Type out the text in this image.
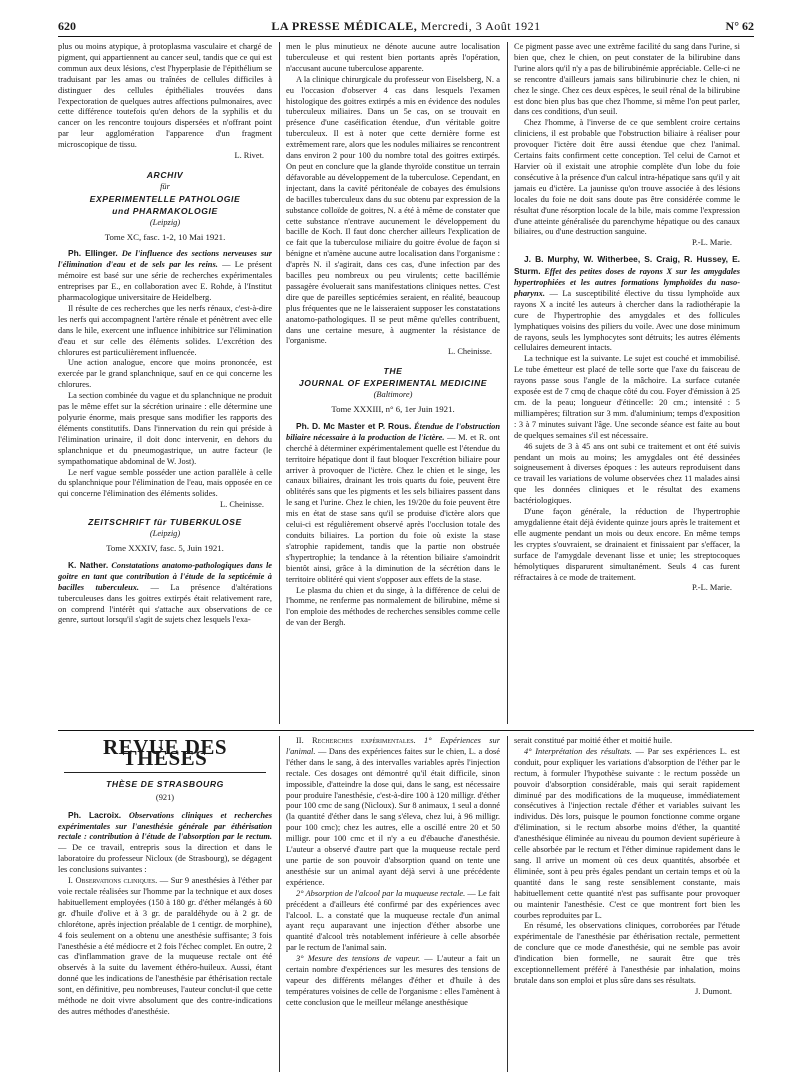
620	LA PRESSE MÉDICALE, Mercredi, 3 Août 1921	N° 62

plus ou moins atypique, à protoplasma vasculaire et chargé de pigment, qui appartiennent au cancer seul, tandis que ce qui est commun aux deux lésions, c'est l'hyperplasie de l'épithélium se traduisant par les amas ou traînées de cellules difficiles à distinguer des cellules épithéliales trouvées dans l'expectoration de quelques autres affections pulmonaires, avec cette différence toutefois qu'en dehors de la syphilis et du cancer on les rencontre toujours dispersées et n'offrant point par leur agglomération l'apparence d'un fragment microscopique de tissu.

L. Rivet.
ARCHIV
für
EXPERIMENTELLE PATHOLOGIE
und PHARMAKOLOGIE
(Leipzig)
Tome XC, fasc. 1-2, 10 Mai 1921.

Ph. Ellinger. De l'influence des sections nerveuses sur l'élimination d'eau et de sels par les reins. — Le présent mémoire est basé sur une série de recherches expérimentales entreprises par E., en collaboration avec E. Rohde, à l'Institut pharmacologique universitaire de Heidelberg.

Il résulte de ces recherches que les nerfs rénaux, c'est-à-dire les nerfs qui accompagnent l'artère rénale et pénètrent avec elle dans le hile, exercent une influence inhibitrice sur l'élimination d'eau et sur celle des éléments solides. L'excrétion des chlorures est particulièrement influencée.

Une action analogue, encore que moins prononcée, est exercée par le grand splanchnique, sauf en ce qui concerne les chlorures.

La section combinée du vague et du splanchnique ne produit pas le même effet sur la sécrétion urinaire : elle détermine une polyurie énorme, mais presque sans modifier les rapports des éléments constitutifs. Dans l'innervation du rein qui préside à l'élimination urinaire, il doit donc intervenir, en dehors du splanchnique et du pneumogastrique, un autre facteur (le sympathomatique abdominal de W. Jost).

Le nerf vague semble posséder une action parallèle à celle du splanchnique pour l'élimination de l'eau, mais opposée en ce qui concerne l'élimination des éléments solides.

L. Cheinisse.
ZEITSCHRIFT für TUBERKULOSE
(Leipzig)
Tome XXXIV, fasc. 5, Juin 1921.

K. Nather. Constatations anatomo-pathologiques dans le goitre en tant que contribution à l'étude de la septicémie à bacilles tuberculeux. — La présence d'altérations tuberculeuses dans les goitres extirpés était relativement rare, on comprend l'intérêt qui s'attache aux observations de ce genre, surtout lorsqu'il s'agit de sujets chez lesquels l'exa-

men le plus minutieux ne dénote aucune autre localisation tuberculeuse et qui restent bien portants après l'opération, n'accusant aucune tuberculose apparente.

A la clinique chirurgicale du professeur von Eiselsberg, N. a eu l'occasion d'observer 4 cas dans lesquels l'examen histologique des goitres extirpés a mis en évidence des nodules tuberculeux miliaires. Dans un 5e cas, on se trouvait en présence d'une caséification étendue, d'un véritable goitre tuberculeux. Il est à noter que cette dernière forme est extrêmement rare, alors que les nodules miliaires se rencontrent dans environ 2 pour 100 du nombre total des goitres extirpés. On peut en conclure que la glande thyroïde constitue un terrain défavorable au développement de la tuberculose. Cependant, en injectant, dans la cavité péritonéale de cobayes des émulsions de bacilles tuberculeux dans du suc obtenu par expression de la substance colloïde de goitres, N. a été à même de constater que cette substance n'entrave aucunement le développement du bacille de Koch. Il faut donc chercher ailleurs l'explication de ce fait que la tuberculose miliaire du goitre évolue de façon si bénigne et n'amène aucune autre localisation dans l'organisme : d'après N. il s'agirait, dans ces cas, d'une infection par des bacilles peu nombreux ou peu virulents; cette bacillémie passagère évoluerait sans manifestations cliniques nettes. C'est dire que de pareilles septicémies seraient, en réalité, beaucoup plus fréquentes que ne le laisseraient supposer les constatations anatomo-pathologiques. Il se peut même qu'elles contribuent, dans une certaine mesure, à augmenter la résistance de l'organisme.

L. Cheinisse.
THE
JOURNAL OF EXPERIMENTAL MEDICINE
(Baltimore)
Tome XXXIII, n° 6, 1er Juin 1921.

Ph. D. Mc Master et P. Rous. Étendue de l'obstruction biliaire nécessaire à la production de l'ictère. — M. et R. ont cherché à déterminer expérimentalement quelle est l'étendue du territoire hépatique dont il faut bloquer l'excrétion biliaire pour arriver à provoquer de l'ictère. Chez le chien et le singe, les canaux biliaires, drainant les trois quarts du foie, peuvent être oblitérés sans que les pigments et les sels biliaires passent dans le sang et l'urine. Chez le chien, les 19/20e du foie peuvent être mis en état de stase sans qu'il se produise d'ictère alors que celui-ci est régulièrement observé après l'occlusion totale des conduits biliaires. La portion du foie où existe la stase s'atrophie rapidement, tandis que la partie non obstruée s'hypertrophie; la tendance à la rétention biliaire s'amoindrit bientôt ainsi, grâce à la diminution de la sécrétion dans le territoire oblitéré qui vient s'opposer aux effets de la stase.

Le plasma du chien et du singe, à la différence de celui de l'homme, ne renferme pas normalement de bilirubine, même si l'on emploie des méthodes de recherches sensibles comme celle de van der Bergh.

Ce pigment passe avec une extrême facilité du sang dans l'urine, si bien que, chez le chien, on peut constater de la bilirubine dans l'urine alors qu'il n'y a pas de bilirubinémie appréciable. Celle-ci ne se rencontre d'ailleurs jamais sans bilirubinurie chez le chien, ni chez le singe. Chez ces deux espèces, le seuil rénal de la bilirubine est donc bien plus bas que chez l'homme, si même l'on peut parler, dans ces conditions, d'un seuil.

Chez l'homme, à l'inverse de ce que semblent croire certains cliniciens, il est probable que l'obstruction biliaire à réaliser pour provoquer l'ictère doit être aussi étendue que chez l'animal. Certains faits confirment cette conception. Tel celui de Carnot et Harvier où il existait une atrophie complète d'un lobe du foie consécutive à la présence d'un calcul intra-hépatique sans qu'il y ait jamais eu d'ictère. La jaunisse qu'on trouve associée à des lésions locales du foie ne doit sans doute pas être considérée comme le résultat d'une résorption locale de la bile, mais comme l'expression d'une atteinte généralisée du parenchyme hépatique ou des canaux biliaires, ou d'une destruction sanguine.

P.-L. Marie.

J. B. Murphy, W. Witherbee, S. Craig, R. Hussey, E. Sturm. Effet des petites doses de rayons X sur les amygdales hypertrophiées et les autres formations lymphoïdes du naso-pharynx. — La susceptibilité élective du tissu lymphoïde aux rayons X a incité les auteurs à chercher dans la radiothérapie la cure de l'hypertrophie des amygdales et des follicules lymphatiques voisins des piliers du voile. Avec une dose minimum de rayons, seuls les lymphocytes sont détruits; les autres éléments cellulaires demeurent intacts.

La technique est la suivante. Le sujet est couché et immobilisé. Le tube émetteur est placé de telle sorte que l'axe du faisceau de rayons passe sous l'angle de la mâchoire. La surface cutanée exposée est de 7 cmq de chaque côté du cou. Foyer d'émission à 25 cm. de la peau; longueur d'étincelle: 20 cm.; intensité : 5 milliampères; filtration sur 3 mm. d'aluminium; temps d'exposition : 3 à 7 minutes suivant l'âge. Une seconde séance est faite au bout de quelques semaines s'il est nécessaire.

46 sujets de 3 à 45 ans ont subi ce traitement et ont été suivis pendant un mois au moins; les amygdales ont été dessinées soigneusement à diverses époques : les auteurs reproduisent dans ce travail les variations de volume observées chez 11 malades ainsi que les données cliniques et le résultat des examens bactériologiques.

D'une façon générale, la réduction de l'hypertrophie amygdalienne était déjà évidente quinze jours après le traitement et elle augmente pendant un mois ou deux encore. En même temps les cryptes s'ouvraient, se drainaient et finissaient par s'effacer, la surface de l'amygdale devenant lisse et unie; les streptocoques hémolytiques disparurent simultanément. Seuls 4 cas furent réfractaires à ce mode de traitement.

P.-L. Marie.
REVUE DES THÈSES
THÈSE DE STRASBOURG
(921)

Ph. Lacroix. Observations cliniques et recherches expérimentales sur l'anesthésie générale par éthérisation rectale : contribution à l'étude de l'absorption par le rectum. — De ce travail, entrepris sous la direction et dans le laboratoire du professeur Nicloux (de Strasbourg), se dégagent les conclusions suivantes :

I. Observations cliniques. — Sur 9 anesthésies à l'éther par voie rectale réalisées sur l'homme par la technique et aux doses habituellement employées (150 à 180 gr. d'éther mélangés à 60 gr. d'huile d'olive et à 3 gr. de paraldéhyde ou à 2 gr. de chlorétone, après injection préalable de 1 centigr. de morphine), 4 fois seulement on a obtenu une anesthésie suffisante; 3 fois l'anesthésie a été médiocre et 2 fois l'échec complet. En outre, 2 cas d'inflammation grave de la muqueuse rectale ont été observés à la suite du lavement éthéro-huileux. Aussi, étant donné que les indications de l'anesthésie par éthérisation rectale sont, en définitive, peu nombreuses, l'auteur conclut-il que cette méthode ne doit vivre absolument que des contre-indications des autres méthodes d'anesthésie.

II. Recherches expérimentales. 1° Expériences sur l'animal. — Dans des expériences faites sur le chien, L. a dosé l'éther dans le sang, à des intervalles variables après l'injection rectale. Ces dosages ont démontré qu'il était difficile, sinon impossible, d'atteindre la dose qui, dans le sang, est nécessaire pour produire l'anesthésie, c'est-à-dire 100 à 120 milligr. d'éther pour 100 cmc de sang (Nicloux). Sur 8 animaux, 1 seul a donné (la quantité d'éther dans le sang s'éleva, chez lui, à 96 milligr. pour 100 cmc); chez les autres, elle a oscillé entre 20 et 50 milligr. pour 100 cmc et il n'y a eu d'ébauche d'anesthésie. L'auteur a observé d'autre part que la muqueuse rectale perd une partie de son pouvoir d'absorption quand on tente une anesthésie sur un animal ayant déjà servi à une précédente expérience.

2° Absorption de l'alcool par la muqueuse rectale. — Le fait précédent a d'ailleurs été confirmé par des expériences avec l'alcool. L. a constaté que la muqueuse rectale d'un animal ayant reçu auparavant une injection d'éther absorbe une quantité d'alcool très notablement inférieure à celle absorbée par le rectum de l'animal sain.

3° Mesure des tensions de vapeur. — L'auteur a fait un certain nombre d'expériences sur les mesures des tensions de vapeur des différents mélanges d'éther et d'huile à des températures voisines de celle de l'organisme : elles l'amènent à cette conclusion que le meilleur mélange anesthésique

serait constitué par moitié éther et moitié huile.

4° Interprétation des résultats. — Par ses expériences L. est conduit, pour expliquer les variations d'absorption de l'éther par le rectum, à formuler l'hypothèse suivante : le rectum possède un pouvoir d'absorption considérable, mais qui serait rapidement diminué par des modifications de la muqueuse, immédiatement consécutives à l'injection rectale d'éther et variables suivant les individus. Dès lors, puisque le poumon fonctionne comme organe d'élimination, si le rectum absorbe moins d'éther, la quantité d'anesthésique éliminée au niveau du poumon devient supérieure à celle absorbée par le rectum et l'éther diminue rapidement dans le sang. Il arrive un moment où ces deux quantités, absorbée et éliminée, sont à peu près égales pendant un certain temps et où la quantité dans le sang reste sensiblement constante, mais habituellement cette quantité n'est pas suffisante pour provoquer ou maintenir l'anesthésie. C'est ce que montrent fort bien les courbes reproduites par L.

En résumé, les observations cliniques, corroborées par l'étude expérimentale de l'anesthésie par éthérisation rectale, permettent de conclure que ce mode d'anesthésie, qui ne semble pas avoir d'indication bien formelle, ne saurait être que très exceptionnellement préféré à l'anesthésie par inhalation, moins brutale dans son emploi et plus sûre dans ses résultats.

J. Dumont.
